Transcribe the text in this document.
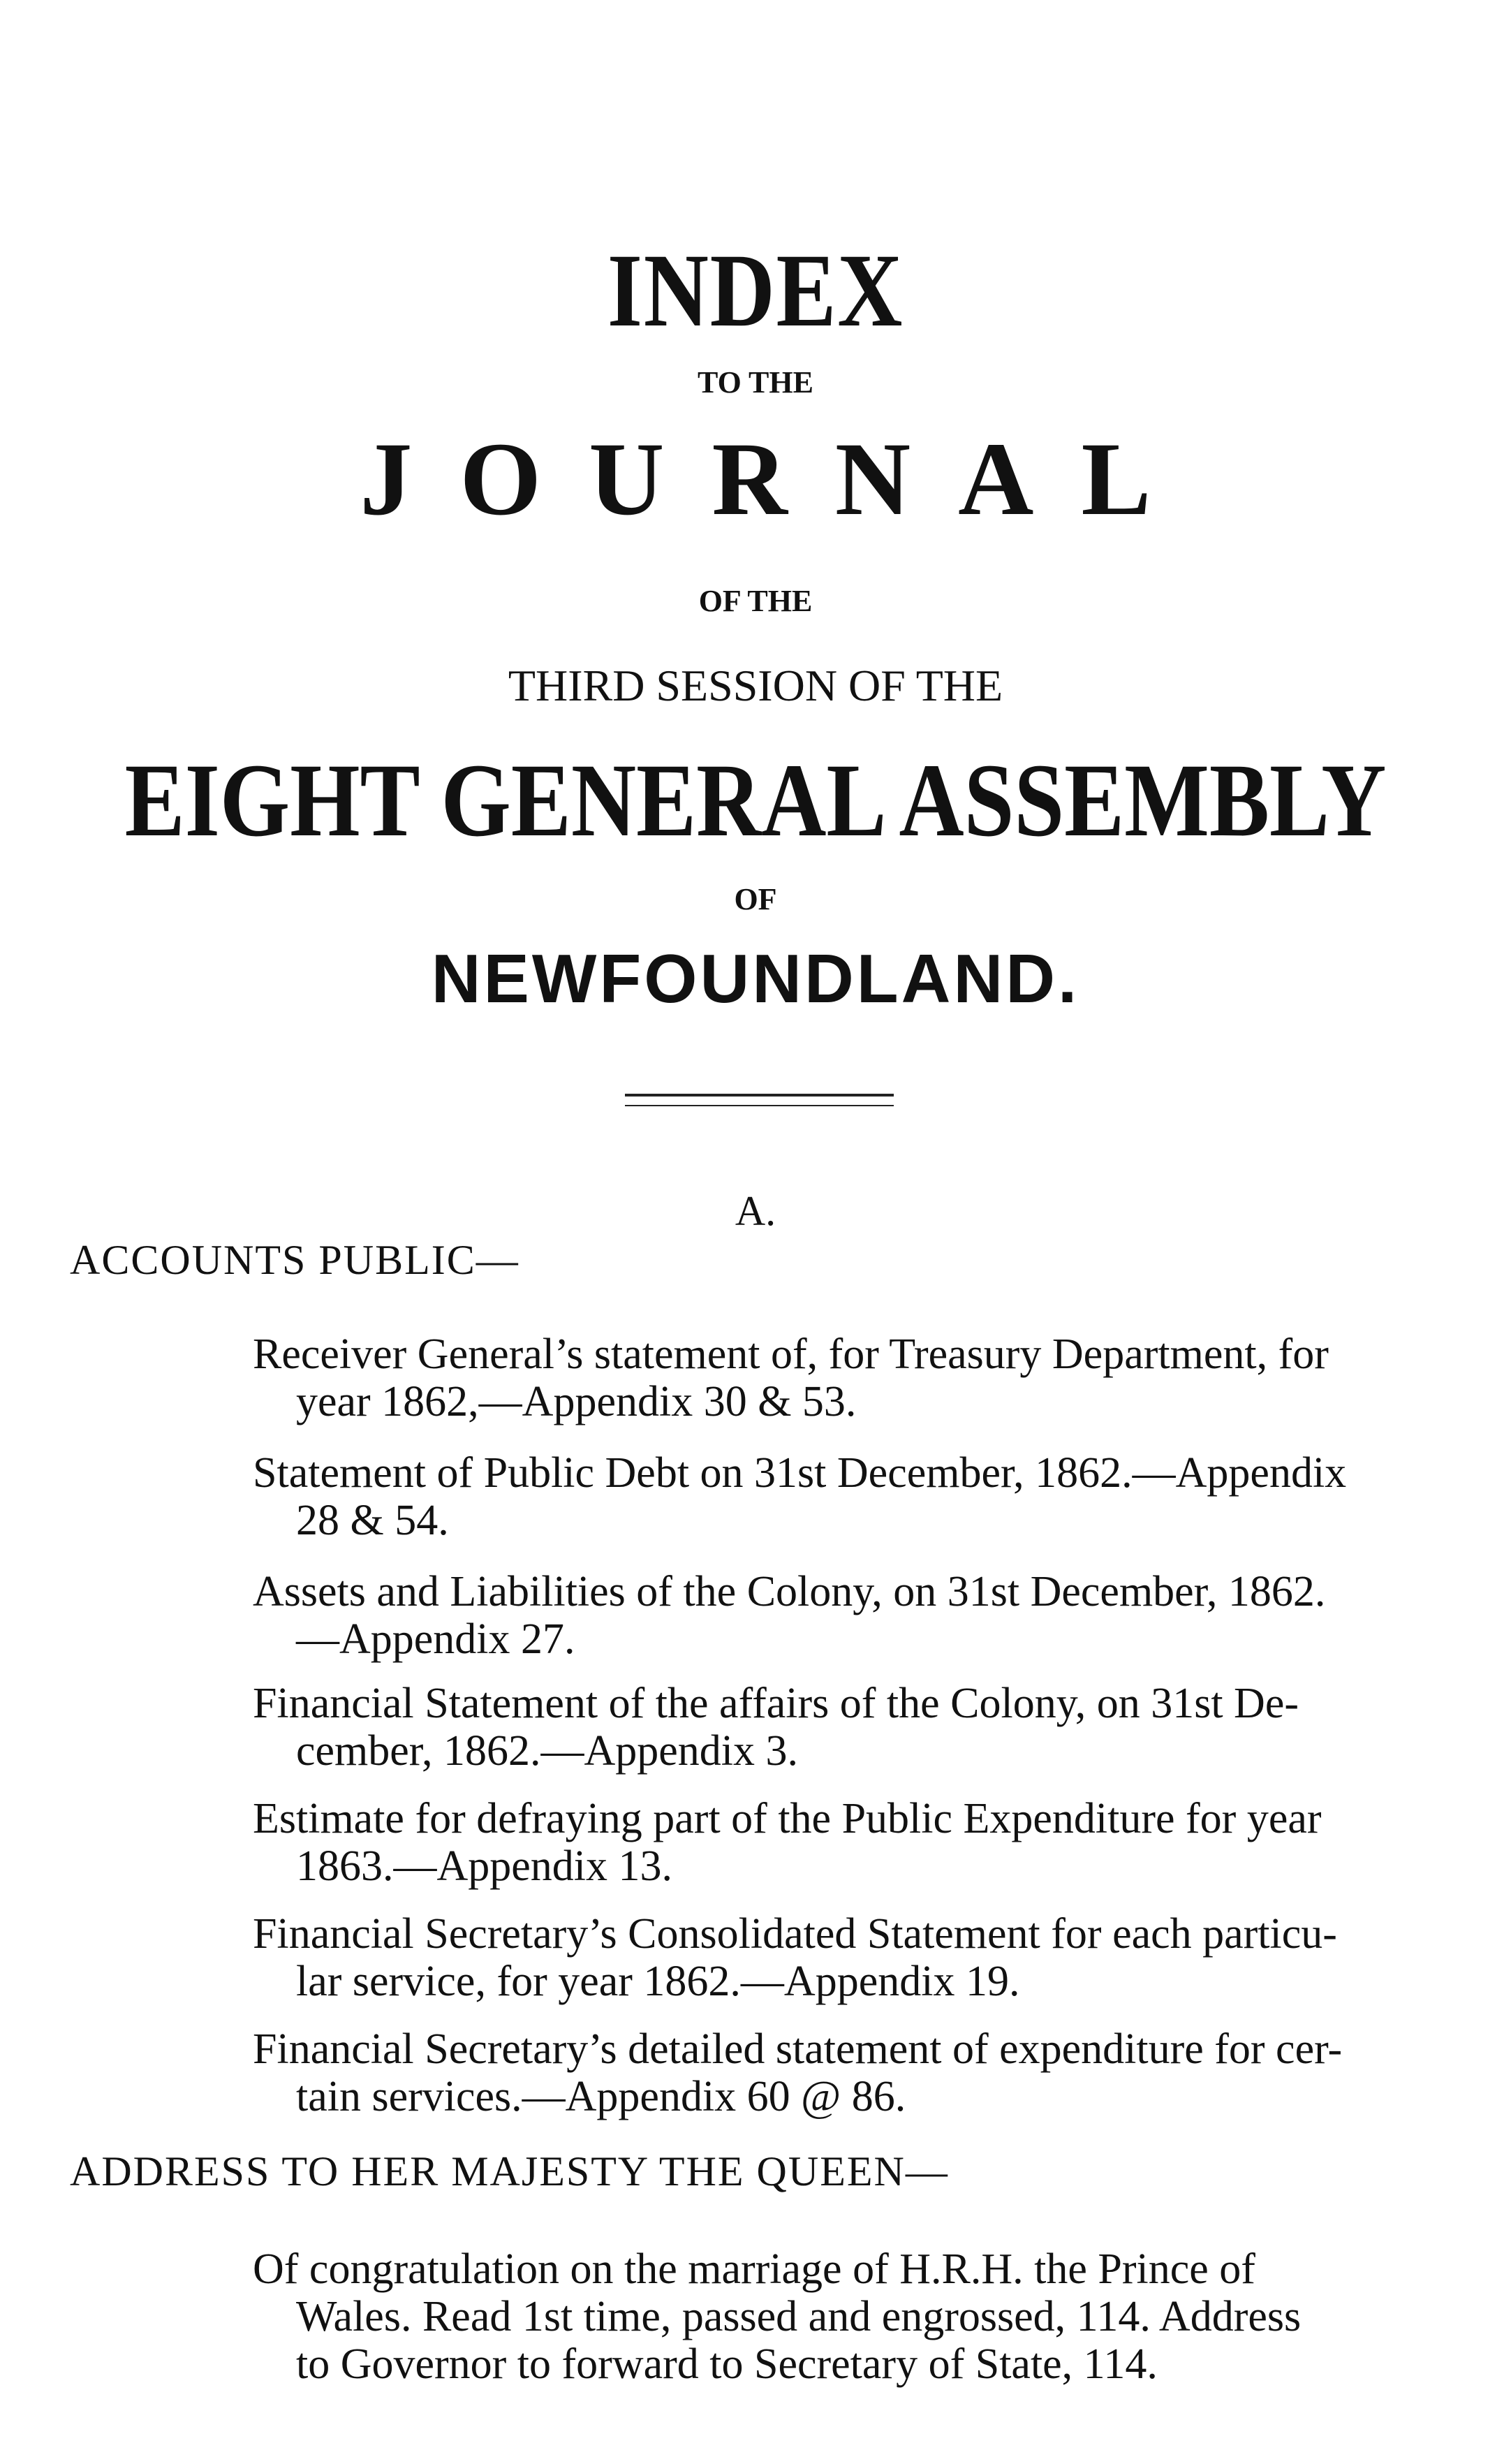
INDEX
TO THE
JOURNAL
OF THE
THIRD SESSION OF THE
EIGHT GENERAL ASSEMBLY
OF
NEWFOUNDLAND.
A.
ACCOUNTS PUBLIC—
Receiver General’s statement of, for Treasury Department, for
year 1862,—Appendix 30 & 53.
Statement of Public Debt on 31st December, 1862.—Appendix
28 & 54.
Assets and Liabilities of the Colony, on 31st December, 1862.
—Appendix 27.
Financial Statement of the affairs of the Colony, on 31st De-
cember, 1862.—Appendix 3.
Estimate for defraying part of the Public Expenditure for year
1863.—Appendix 13.
Financial Secretary’s Consolidated Statement for each particu-
lar service, for year 1862.—Appendix 19.
Financial Secretary’s detailed statement of expenditure for cer-
tain services.—Appendix 60 @ 86.
ADDRESS TO HER MAJESTY THE QUEEN—
Of congratulation on the marriage of H.R.H. the Prince of
Wales. Read 1st time, passed and engrossed, 114. Address
to Governor to forward to Secretary of State, 114.
